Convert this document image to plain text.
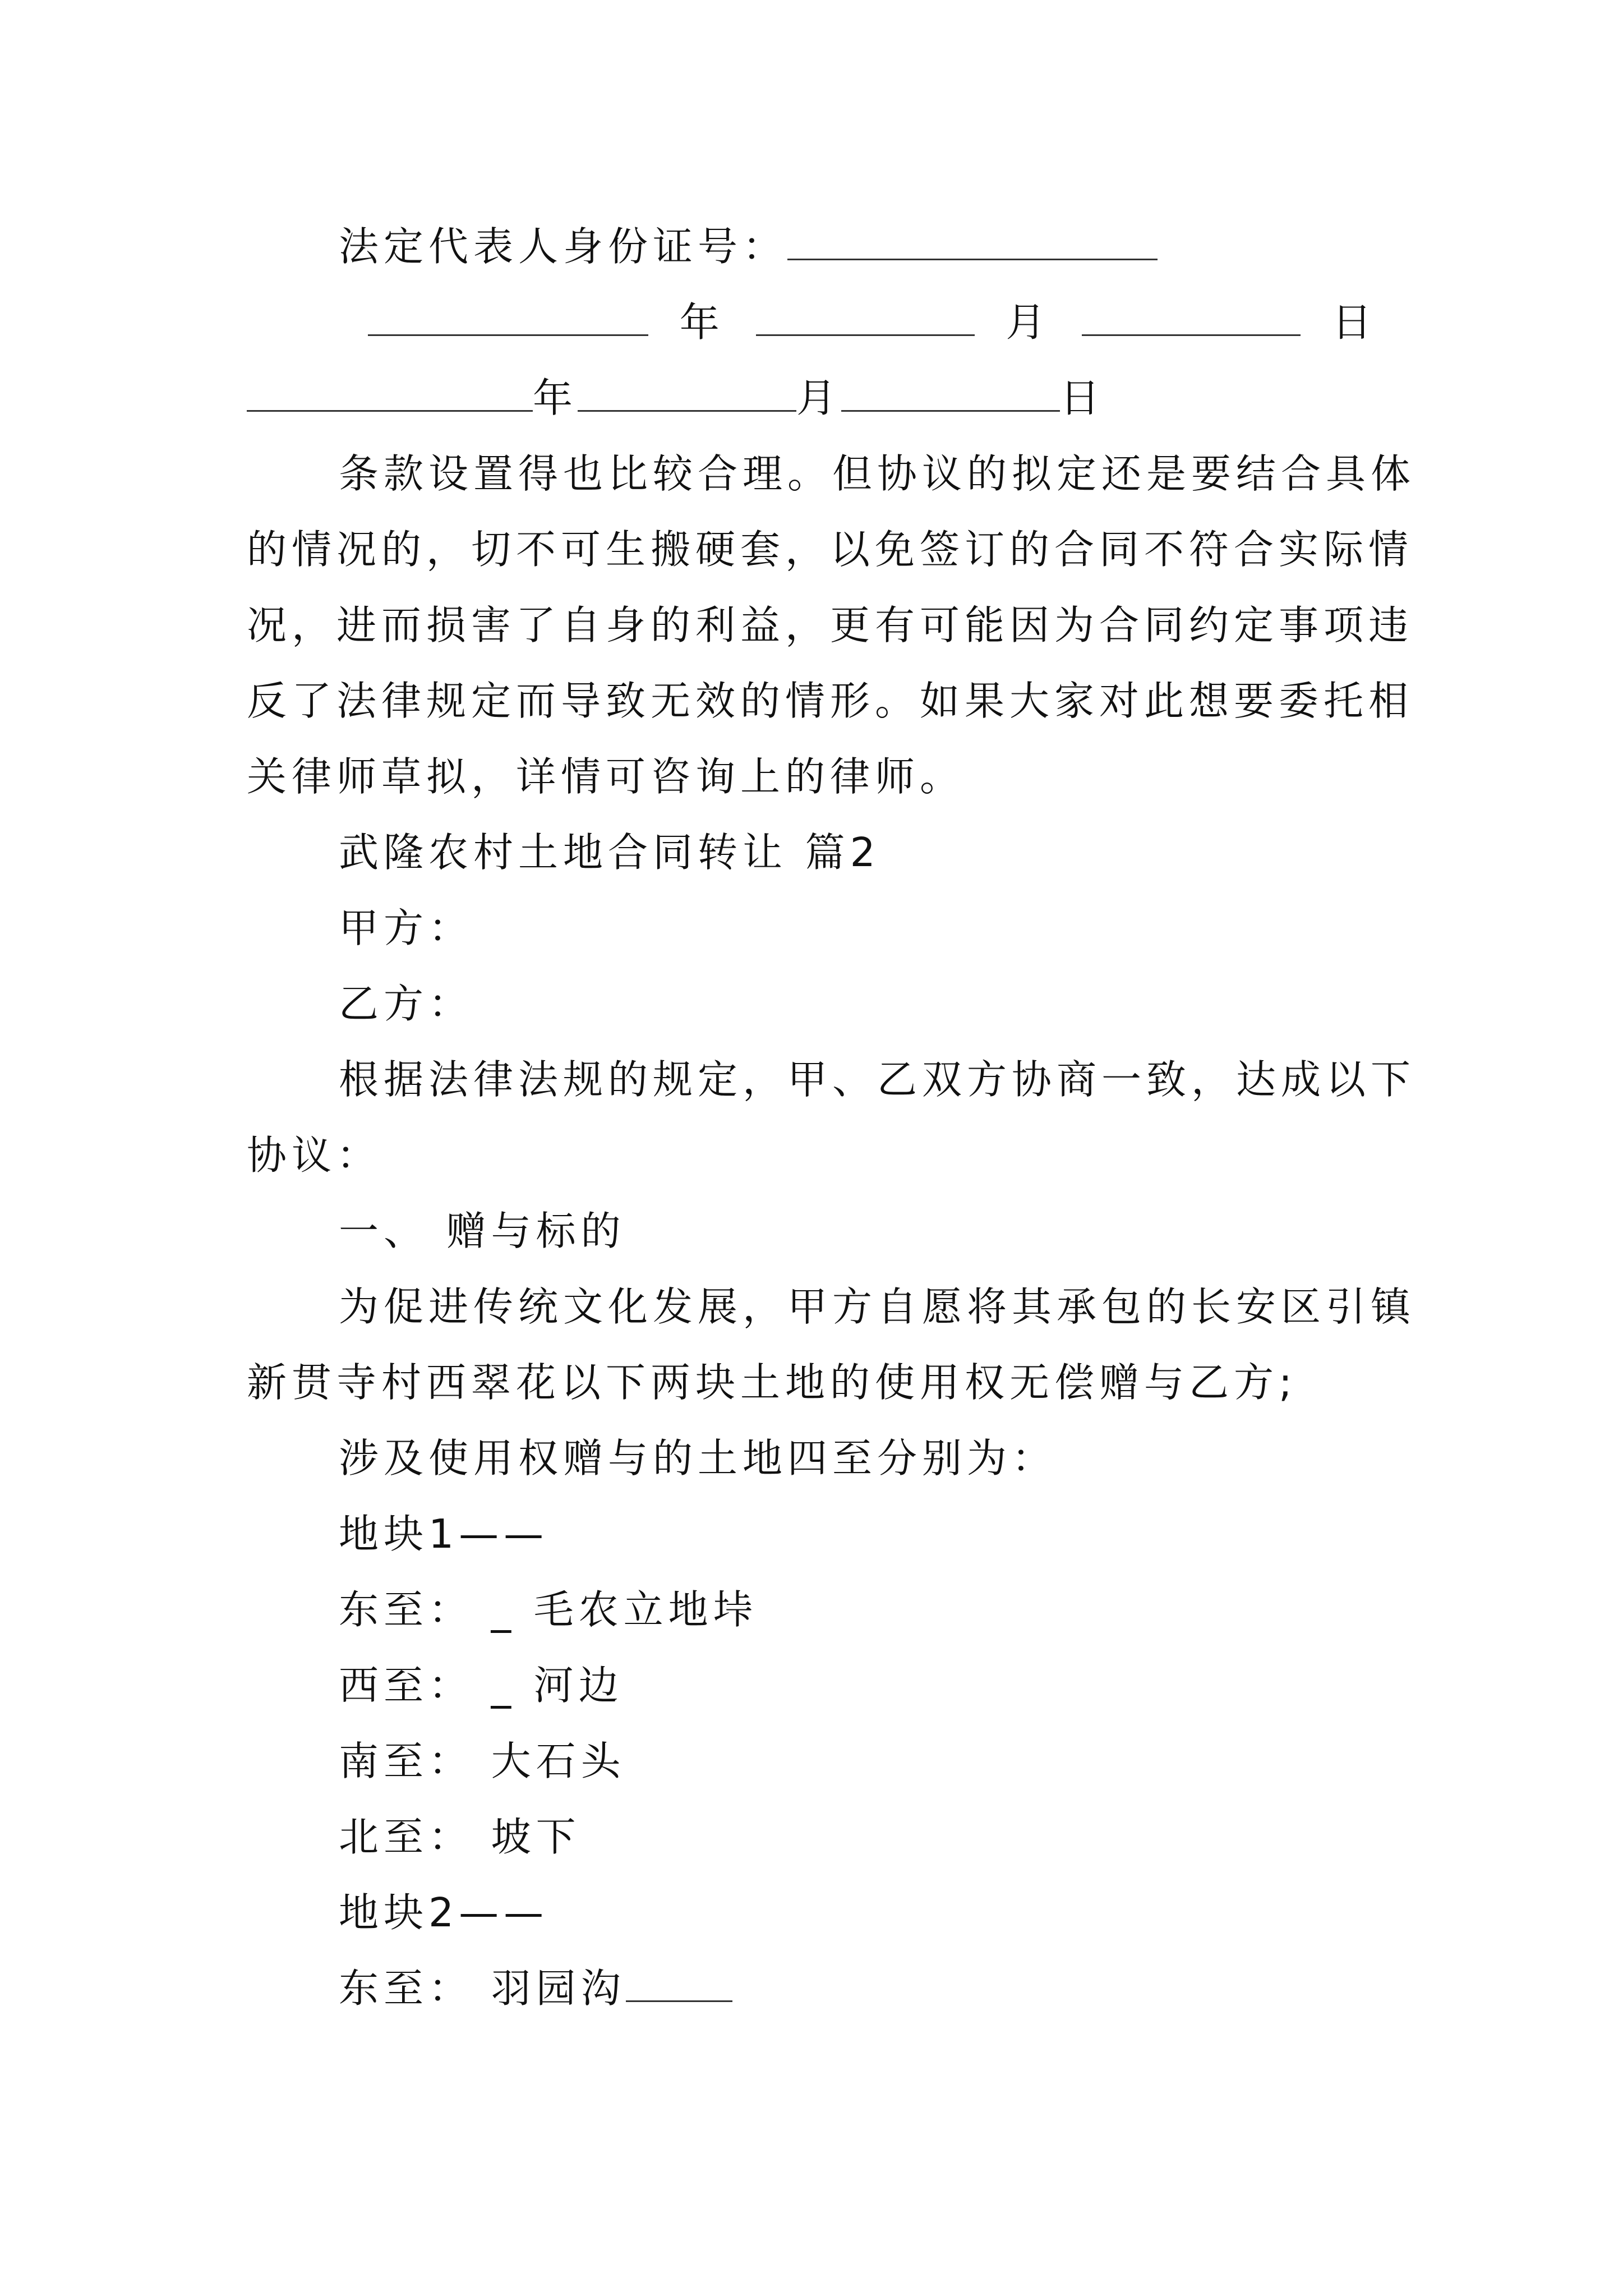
法定代表人身份证号：
年	月	日
年	月	日
条款设置得也比较合理。但协议的拟定还是要结合具体
的情况的，切不可生搬硬套，以免签订的合同不符合实际情
况，进而损害了自身的利益，更有可能因为合同约定事项违
反了法律规定而导致无效的情形。如果大家对此想要委托相
关律师草拟，详情可咨询上的律师。
武隆农村土地合同转让 篇2
甲方：
乙方：
根据法律法规的规定，甲、乙双方协商一致，达成以下
协议：
一、 赠与标的
为促进传统文化发展，甲方自愿将其承包的长安区引镇
新贯寺村西翠花以下两块土地的使用权无偿赠与乙方;
涉及使用权赠与的土地四至分别为：
地块1——
东至： _ 毛农立地垰
西至： _ 河边
南至： 大石头
北至： 坡下
地块2——
东至： 羽园沟
